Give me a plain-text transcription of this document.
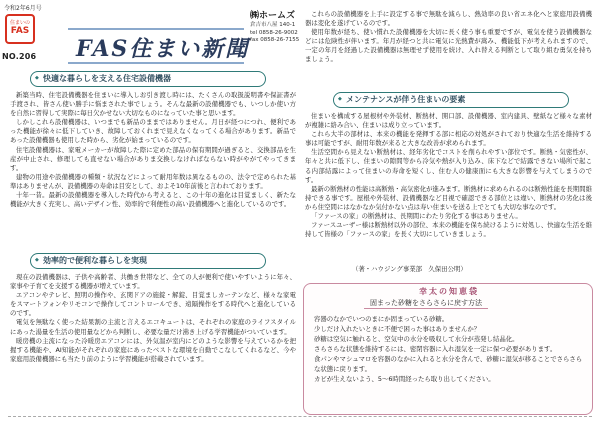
令和2年6月号
住まいの
FAS
NO.206 FAS住まい新聞
㈱ホームズ
倉吉市八屋 140-1
tel 0858-26-9002
fax 0858-26-7155
◆ 快適な暮らしを支える住宅設備機器

新築当時、住宅設備機器を住まいに導入しお引き渡し時には、たくさんの取扱説明書や保証書が手渡され、皆さん使い勝手に悩まされた事でしょう。そんな最新の設備機器でも、いつしか使い方を自然に習得して実際に毎日欠かせない大切なものになっていた事と思います。

しかしこれら設備機器は、いつまでも新品のままではありません。月日が経つにつれ、便利であった機能が徐々に低下していき、故障しておくれまで見えなくなってくる場合があります。新品であった設備機器も使用した時から、劣化が始まっているのです。

住宅設備機器は、家電メーカーが故障した際に定めた部品の保有期間が過ぎると、交換部品を生産が中止され、修理しても直せない場合がありま交換しなければならない時がやがてやってきます。

建物の用途や設備機器の種類・状況などによって耐用年数は異なるものの、法令で定められた基準はありませんが、設備機器の寿命は目安として、およそ10年前後と言われております。

十年一昔。最新の設備機器を導入した時代から考えると、この十年の進化は目覚ましく、新たな機能が大きく充実し、高いデザイン性、効率的で利便性の高い設備機器へと進化しているのです。

◆ 効率的で便利な暮らしを実現

現在の設備機器は、子供や高齢者、共働き世帯など、全ての人が便利で使いやすいように年々、家事や子育てを支援する機器が増えています。

エアコンやテレビ、照明の操作や、玄関ドアの施錠・解錠、目覚ましカーテンなど、様々な家電をスマートフォンやリモコンで操作してコントロールでき、遠隔操作をする時代へと進化しているのです。

電気を無駄なく使った結果割の主流と言えるエコキュートは、それぞれの家庭のライフスタイルにあった湯量を生活の使用量などから判断し、必要な量だけ沸き上げる学習機能がついています。

暖房機の主流になった冷暖房エアコンには、外気温が室内にどのような影響を与えているかを把握する機能や、AI知能がそれぞれの家庭にあったベストな環境を自動でこなしてくれるなど、今や家庭用設備機器にも当たり前のように学習機能が搭載されています。

これらの設備機器を上手に設定する事で無駄を減らし、熱効率の良い省エネ化へと家庭用設備機器は変化を遂げているのです。

使用年数が経ち、使い慣れた設備機器を大切に長く使う事も重要ですが、電気を使う設備機器などには危険性が伴います。年月が経つと共に電気に光熱費が嵩み、機能低下が考えられますので、一定の年月を経過した設備機器は無理せず使用を続け、入れ替える判断として取り組む勇気を持ちましょう。

◆ メンテナンスが伴う住まいの要素

住まいを構成する屋根材や外装材、断熱材、開口部、設備機器、室内建具、壁紙など様々な素材が複雑に絡み合い、住まいは成り立っています。

これら大半の部材は、本来の機能を発揮する部に相応の対処がされており快適な生活を維持する事は可能ですが、耐用年数が来ると大きな改善が求められます。

生活空間から見えない断熱材は、経年劣化でコストを削られやすい部位です。断熱・気密性が、年々と共に低下し、住まいの隙間等から冷気や熱が入り込み、床下などで結露できない場所で起こる内部結露によって住まいの寿命を短くし、住む人の健康面にも大きな影響を与えてしまうのです。

最新の断熱材の性能は高断熱・高気密化が進みます。断熱材に求められるのは断熱性能を長期間維持できる事です。屋根や外装材、設備機器など目視で確認できる部位とは違い、断熱材の劣化は後から住空間にはなかなか気付かない点は寿い住まいを送る上でとても大切な事なのです。

「ファースの家」の断熱材は、長期間にわたり劣化する事はありません。

ファースユーザー様は断熱材以外の部位、本来の機能を保ち続けるように対処し、快適な生活を維持して皆様の「ファースの家」を長く大切にしていきましょう。

（著・ハウジング事業部　久保田公明）
幸太の知恵袋
固まった砂糖をさらさらに戻す方法
容器のなかでいつのまにか固まっている砂糖。
少しだけ入れたいときに不便で困った事はありませんか？
砂糖は空気に触れると、空気中の水分を吸収して水分が蒸発し結晶化。
さらさらな状態を維持するには、密閉容器に入れ湿気を一定に保つ必要があります。
食パンやマシュマロを容器のなかに入れると水分を含んで、砂糖に湿気が移ることでさらさらな状態に戻ります。
カビが生えないよう、5〜6時間経ったら取り出してください。
